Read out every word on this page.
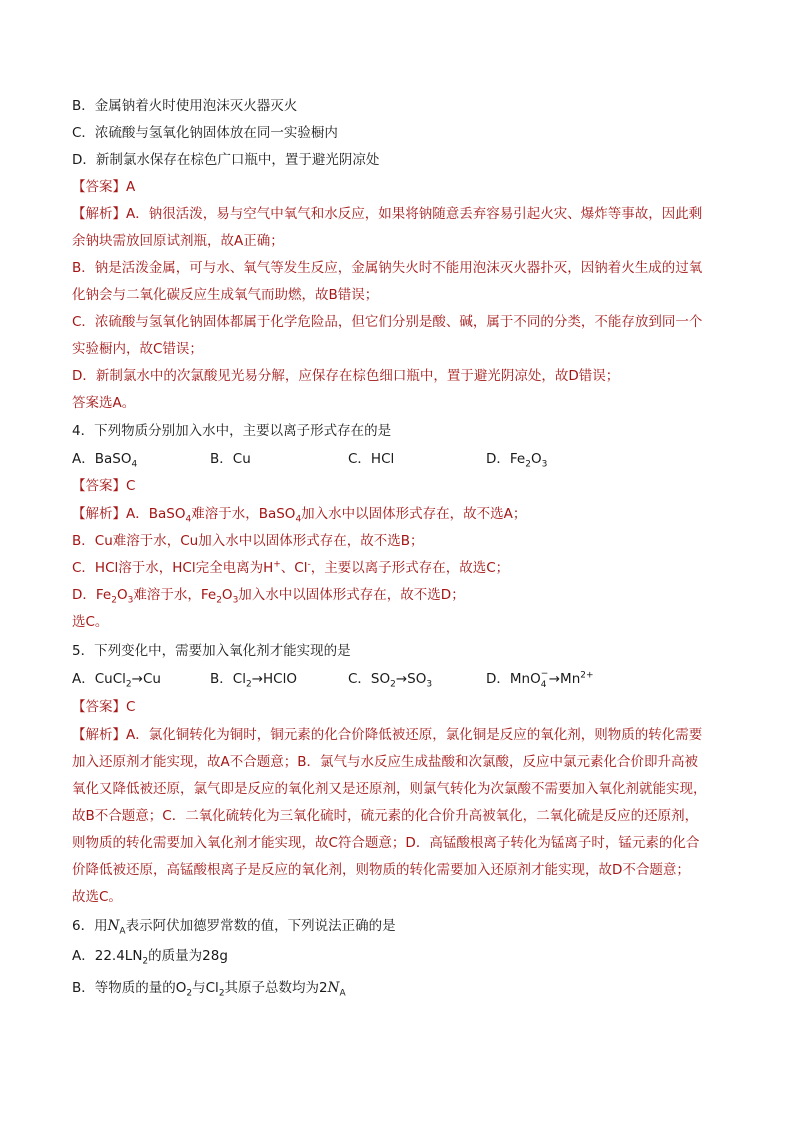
B．金属钠着火时使用泡沫灭火器灭火
C．浓硫酸与氢氧化钠固体放在同一实验橱内
D．新制氯水保存在棕色广口瓶中，置于避光阴凉处
【答案】A
【解析】A．钠很活泼，易与空气中氧气和水反应，如果将钠随意丢弃容易引起火灾、爆炸等事故，因此剩
余钠块需放回原试剂瓶，故A正确；
B．钠是活泼金属，可与水、氧气等发生反应，金属钠失火时不能用泡沫灭火器扑灭，因钠着火生成的过氧
化钠会与二氧化碳反应生成氧气而助燃，故B错误；
C．浓硫酸与氢氧化钠固体都属于化学危险品，但它们分别是酸、碱，属于不同的分类，不能存放到同一个
实验橱内，故C错误；
D．新制氯水中的次氯酸见光易分解，应保存在棕色细口瓶中，置于避光阴凉处，故D错误；
答案选A。
4．下列物质分别加入水中，主要以离子形式存在的是
A．BaSO$_4$	B．Cu	C．HCl	D．$Fe_2O_3$
【答案】C
【解析】A．BaSO$_4$难溶于水，BaSO$_4$加入水中以固体形式存在，故不选A；
B．Cu难溶于水，Cu加入水中以固体形式存在，故不选B；
C．HCl溶于水，HCl完全电离为H+、Cl-，主要以离子形式存在，故选C；
D．$Fe_2O_3$难溶于水，$Fe_2O_3$加入水中以固体形式存在，故不选D；
选C。
5．下列变化中，需要加入氧化剂才能实现的是
A．CuCl$_2$→Cu	B．$Cl_2\to HClO$	C．$SO_2\to SO_3$	D．MnO −
$4 \to Mn^{2+}$
【答案】C
【解析】A．氯化铜转化为铜时，铜元素的化合价降低被还原，氯化铜是反应的氧化剂，则物质的转化需要
加入还原剂才能实现，故A不合题意；B．氯气与水反应生成盐酸和次氯酸，反应中氯元素化合价即升高被
氧化又降低被还原，氯气即是反应的氧化剂又是还原剂，则氯气转化为次氯酸不需要加入氧化剂就能实现，
故B不合题意；C．二氧化硫转化为三氧化硫时，硫元素的化合价升高被氧化，二氧化硫是反应的还原剂，
则物质的转化需要加入氧化剂才能实现，故C符合题意；D．高锰酸根离子转化为锰离子时，锰元素的化合
价降低被还原，高锰酸根离子是反应的氧化剂，则物质的转化需要加入还原剂才能实现，故D不合题意；
故选C。
6．用$N_A$表示阿伏加德罗常数的值，下列说法正确的是
A．$22.4LN_2$的质量为28g
B．等物质的量的$O_2$与$Cl_2$其原子总数均为$2N_A$
